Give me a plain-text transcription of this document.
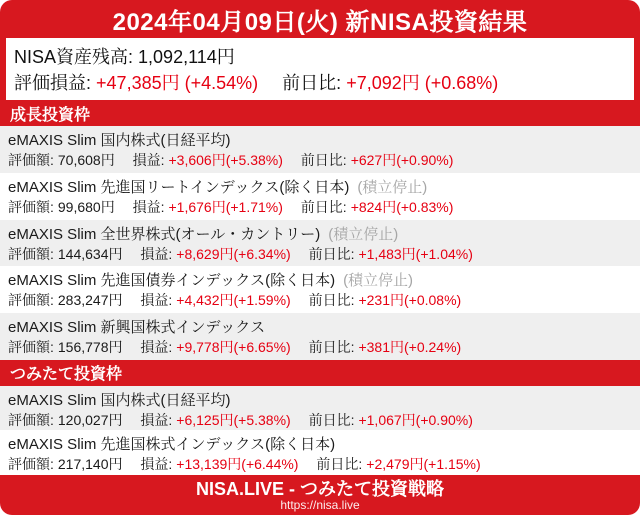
2024年04月09日(火) 新NISA投資結果
NISA資産残高: 1,092,114円
評価損益: +47,385円 (+4.54%) 前日比: +7,092円 (+0.68%)
成長投資枠
eMAXIS Slim 国内株式(日経平均)
評価額: 70,608円 損益: +3,606円(+5.38%) 前日比: +627円(+0.90%)
eMAXIS Slim 先進国リートインデックス(除く日本) (積立停止)
評価額: 99,680円 損益: +1,676円(+1.71%) 前日比: +824円(+0.83%)
eMAXIS Slim 全世界株式(オール・カントリー) (積立停止)
評価額: 144,634円 損益: +8,629円(+6.34%) 前日比: +1,483円(+1.04%)
eMAXIS Slim 先進国債券インデックス(除く日本) (積立停止)
評価額: 283,247円 損益: +4,432円(+1.59%) 前日比: +231円(+0.08%)
eMAXIS Slim 新興国株式インデックス
評価額: 156,778円 損益: +9,778円(+6.65%) 前日比: +381円(+0.24%)
つみたて投資枠
eMAXIS Slim 国内株式(日経平均)
評価額: 120,027円 損益: +6,125円(+5.38%) 前日比: +1,067円(+0.90%)
eMAXIS Slim 先進国株式インデックス(除く日本)
評価額: 217,140円 損益: +13,139円(+6.44%) 前日比: +2,479円(+1.15%)
NISA.LIVE - つみたて投資戦略
https://nisa.live
